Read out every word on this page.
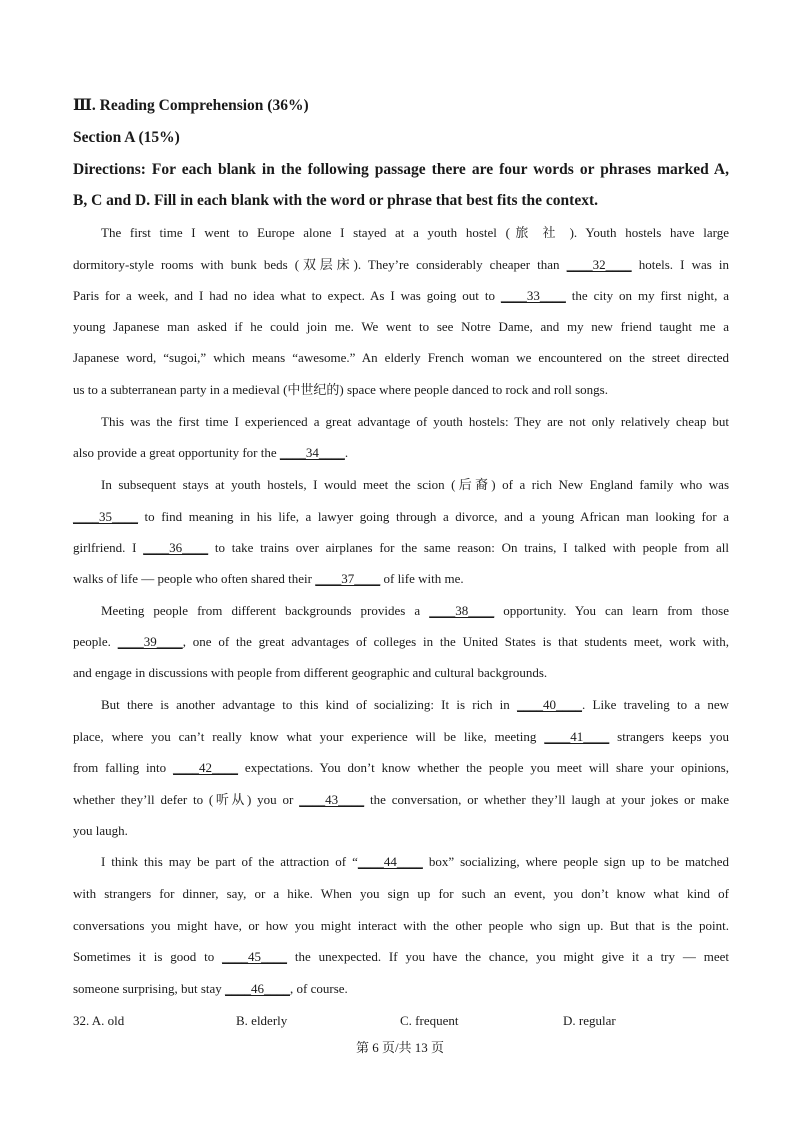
Ⅲ. Reading Comprehension (36%)
Section A (15%)
Directions: For each blank in the following passage there are four words or phrases marked A,
B, C and D. Fill in each blank with the word or phrase that best fits the context.
The first time I went to Europe alone I stayed at a youth hostel (旅 社 ). Youth hostels have large
dormitory-style rooms with bunk beds (双层床). They’re considerably cheaper than ____32____ hotels. I was in
Paris for a week, and I had no idea what to expect. As I was going out to ____33____ the city on my first night, a
young Japanese man asked if he could join me. We went to see Notre Dame, and my new friend taught me a
Japanese word, “sugoi,” which means “awesome.” An elderly French woman we encountered on the street directed
us to a subterranean party in a medieval (中世纪的) space where people danced to rock and roll songs.
This was the first time I experienced a great advantage of youth hostels: They are not only relatively cheap but
also provide a great opportunity for the ____34____.
In subsequent stays at youth hostels, I would meet the scion (后裔) of a rich New England family who was
____35____ to find meaning in his life, a lawyer going through a divorce, and a young African man looking for a
girlfriend. I ____36____ to take trains over airplanes for the same reason: On trains, I talked with people from all
walks of life — people who often shared their ____37____ of life with me.
Meeting people from different backgrounds provides a ____38____ opportunity. You can learn from those
people. ____39____, one of the great advantages of colleges in the United States is that students meet, work with,
and engage in discussions with people from different geographic and cultural backgrounds.
But there is another advantage to this kind of socializing: It is rich in ____40____. Like traveling to a new
place, where you can’t really know what your experience will be like, meeting ____41____ strangers keeps you
from falling into ____42____ expectations. You don’t know whether the people you meet will share your opinions,
whether they’ll defer to (听从) you or ____43____ the conversation, or whether they’ll laugh at your jokes or make
you laugh.
I think this may be part of the attraction of “____44____ box” socializing, where people sign up to be matched
with strangers for dinner, say, or a hike. When you sign up for such an event, you don’t know what kind of
conversations you might have, or how you might interact with the other people who sign up. But that is the point.
Sometimes it is good to ____45____ the unexpected. If you have the chance, you might give it a try — meet
someone surprising, but stay ____46____, of course.
32. A. old	B. elderly	C. frequent	D. regular
第 6 页/共 13 页
